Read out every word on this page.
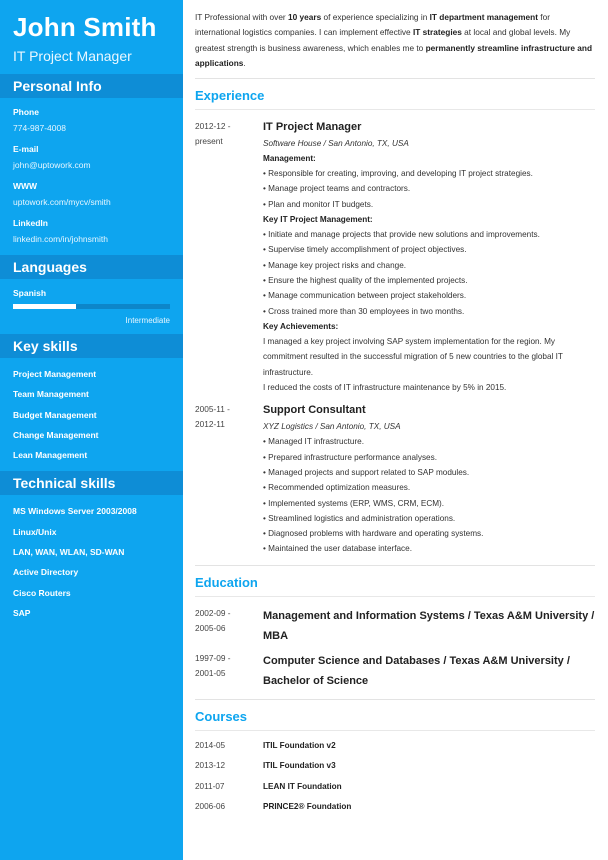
John Smith
IT Project Manager
Personal Info
Phone
774-987-4008
E-mail
john@uptowork.com
WWW
uptowork.com/mycv/smith
LinkedIn
linkedin.com/in/johnsmith
Languages
Spanish
Intermediate
Key skills
Project Management
Team Management
Budget Management
Change Management
Lean Management
Technical skills
MS Windows Server 2003/2008
Linux/Unix
LAN, WAN, WLAN, SD-WAN
Active Directory
Cisco Routers
SAP

IT Professional with over 10 years of experience specializing in IT department management for international logistics companies. I can implement effective IT strategies at local and global levels. My greatest strength is business awareness, which enables me to permanently streamline infrastructure and applications.

Experience
2012-12 -
present
IT Project Manager
Software House / San Antonio, TX, USA
Management:
• Responsible for creating, improving, and developing IT project strategies.
• Manage project teams and contractors.
• Plan and monitor IT budgets.
Key IT Project Management:
• Initiate and manage projects that provide new solutions and improvements.
• Supervise timely accomplishment of project objectives.
• Manage key project risks and change.
• Ensure the highest quality of the implemented projects.
• Manage communication between project stakeholders.
• Cross trained more than 30 employees in two months.
Key Achievements:
I managed a key project involving SAP system implementation for the region. My commitment resulted in the successful migration of 5 new countries to the global IT infrastructure.
I reduced the costs of IT infrastructure maintenance by 5% in 2015.
2005-11 -
2012-11
Support Consultant
XYZ Logistics / San Antonio, TX, USA
• Managed IT infrastructure.
• Prepared infrastructure performance analyses.
• Managed projects and support related to SAP modules.
• Recommended optimization measures.
• Implemented systems (ERP, WMS, CRM, ECM).
• Streamlined logistics and administration operations.
• Diagnosed problems with hardware and operating systems.
• Maintained the user database interface.
Education
2002-09 -
2005-06
Management and Information Systems / Texas A&M University / MBA
1997-09 -
2001-05
Computer Science and Databases / Texas A&M University / Bachelor of Science
Courses
2014-05	ITIL Foundation v2
2013-12	ITIL Foundation v3
2011-07	LEAN IT Foundation
2006-06	PRINCE2® Foundation
